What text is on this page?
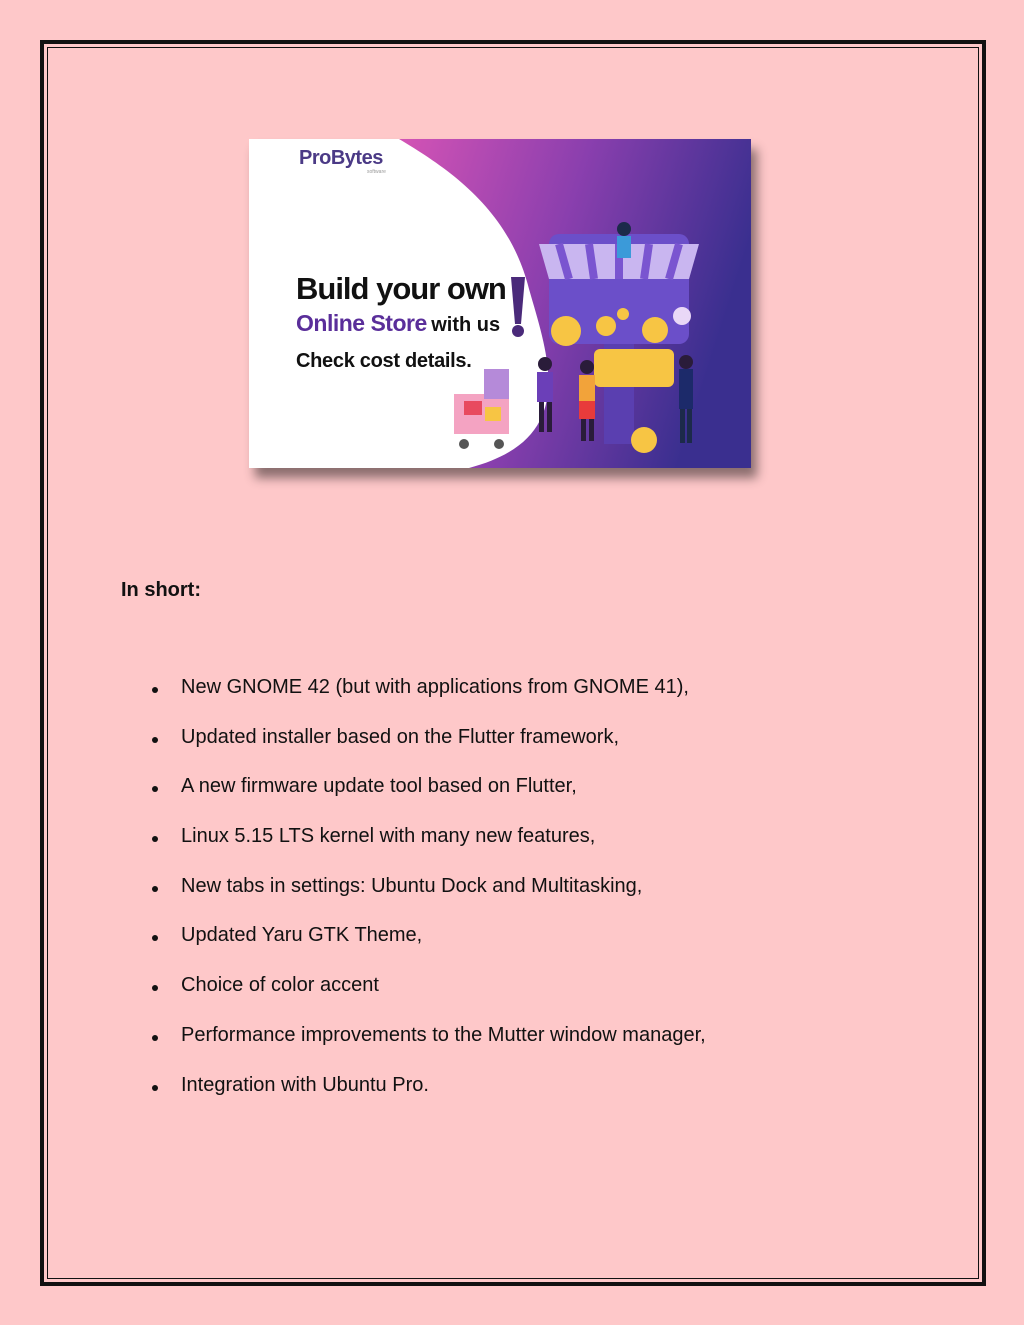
ProBytes
software
Build your own
Online Store with us
Check cost details.
In short:
New GNOME 42 (but with applications from GNOME 41),
Updated installer based on the Flutter framework,
A new firmware update tool based on Flutter,
Linux 5.15 LTS kernel with many new features,
New tabs in settings: Ubuntu Dock and Multitasking,
Updated Yaru GTK Theme,
Choice of color accent
Performance improvements to the Mutter window manager,
Integration with Ubuntu Pro.
